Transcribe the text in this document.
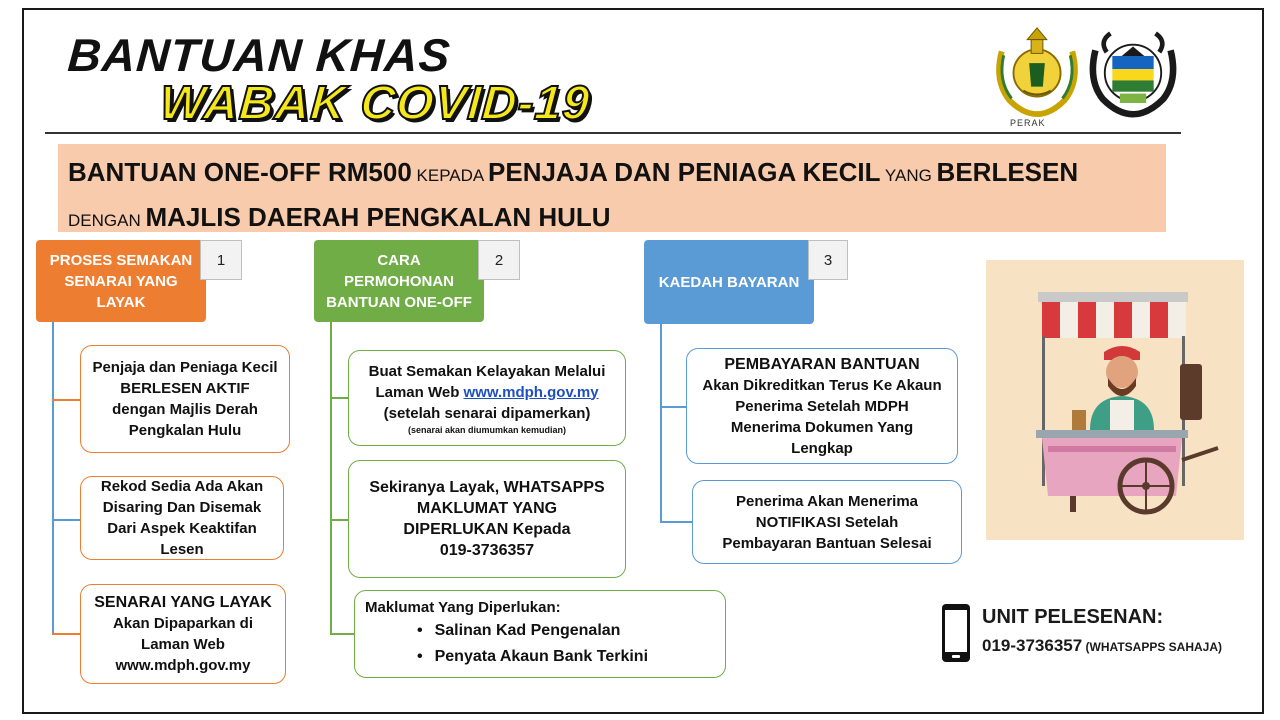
BANTUAN KHAS
WABAK COVID-19	PERAK
BANTUAN ONE-OFF RM500 KEPADA PENJAJA DAN PENIAGA KECIL YANG BERLESEN
DENGAN MAJLIS DAERAH PENGKALAN HULU
PROSES SEMAKAN SENARAI YANG LAYAK
1
Penjaja dan Peniaga Kecil
BERLESEN AKTIF
dengan Majlis Derah
Pengkalan Hulu
Rekod Sedia Ada Akan
Disaring Dan Disemak
Dari Aspek Keaktifan
Lesen
SENARAI YANG LAYAK
Akan Dipaparkan di
Laman Web
www.mdph.gov.my
CARA
PERMOHONAN
BANTUAN ONE-OFF
2
Buat Semakan Kelayakan Melalui
Laman Web www.mdph.gov.my
(setelah senarai dipamerkan)
(senarai akan diumumkan kemudian)
Sekiranya Layak, WHATSAPPS
MAKLUMAT YANG
DIPERLUKAN Kepada
019-3736357
Maklumat Yang Diperlukan:
• Salinan Kad Pengenalan
• Penyata Akaun Bank Terkini
KAEDAH BAYARAN
3
PEMBAYARAN BANTUAN
Akan Dikreditkan Terus Ke Akaun
Penerima Setelah MDPH
Menerima Dokumen Yang
Lengkap
Penerima Akan Menerima
NOTIFIKASI Setelah
Pembayaran Bantuan Selesai
UNIT PELESENAN:
019-3736357 (WHATSAPPS SAHAJA)
